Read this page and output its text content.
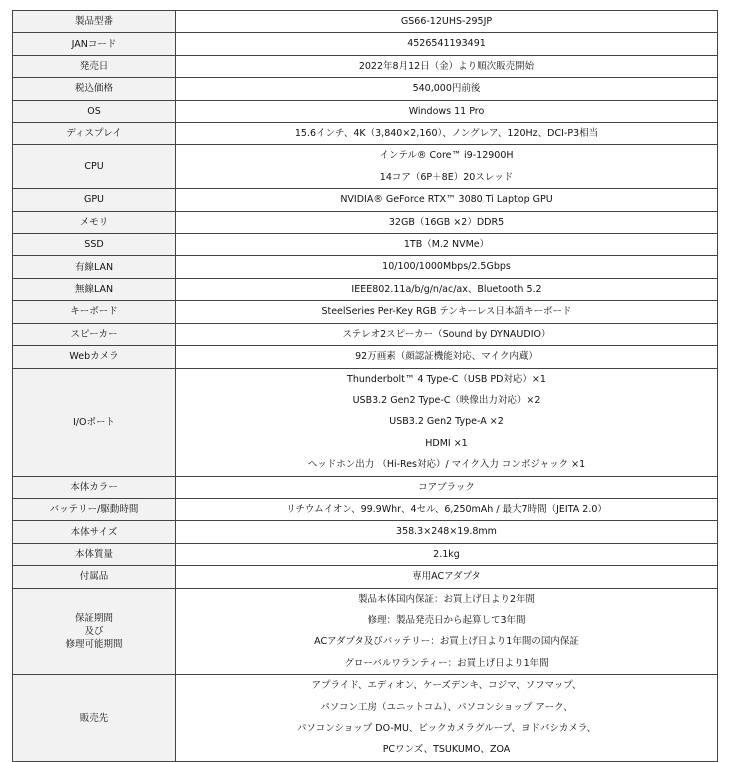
製品型番	GS66-12UHS-295JP

JANコード	4526541193491

発売日	2022年8月12日（金）より順次販売開始

税込価格	540,000円前後

OS	Windows 11 Pro

ディスプレイ	15.6インチ、4K（3,840×2,160）、ノングレア、120Hz、DCI-P3相当

CPU	インテル® Core™ i9-12900H
14コア（6P＋8E）20スレッド

GPU	NVIDIA® GeForce RTX™ 3080 Ti Laptop GPU

メモリ	32GB（16GB ×2）DDR5

SSD	1TB（M.2 NVMe）

有線LAN	10/100/1000Mbps/2.5Gbps

無線LAN	IEEE802.11a/b/g/n/ac/ax、Bluetooth 5.2

キーボード	SteelSeries Per-Key RGB テンキーレス日本語キーボード

スピーカー	ステレオ2スピーカー（Sound by DYNAUDIO）

Webカメラ	92万画素（顔認証機能対応、マイク内蔵）

I/Oポート	Thunderbolt™ 4 Type-C（USB PD対応）×1
USB3.2 Gen2 Type-C（映像出力対応）×2
USB3.2 Gen2 Type-A ×2
HDMI ×1
ヘッドホン出力 （Hi-Res対応）/ マイク入力 コンボジャック ×1

本体カラー	コアブラック

バッテリー/駆動時間	リチウムイオン、99.9Whr、4セル、6,250mAh / 最大7時間（JEITA 2.0）

本体サイズ	358.3×248×19.8mm

本体質量	2.1kg

付属品	専用ACアダプタ

保証期間
及び
修理可能期間	製品本体国内保証：お買上げ日より2年間
修理：製品発売日から起算して3年間
ACアダプタ及びバッテリー：お買上げ日より1年間の国内保証
グローバルワランティー：お買上げ日より1年間

販売先	アプライド、エディオン、ケーズデンキ、コジマ、ソフマップ、
パソコン工房（ユニットコム）、パソコンショップ アーク、
パソコンショップ DO-MU、ビックカメラグループ、ヨドバシカメラ、
PCワンズ、TSUKUMO、ZOA
